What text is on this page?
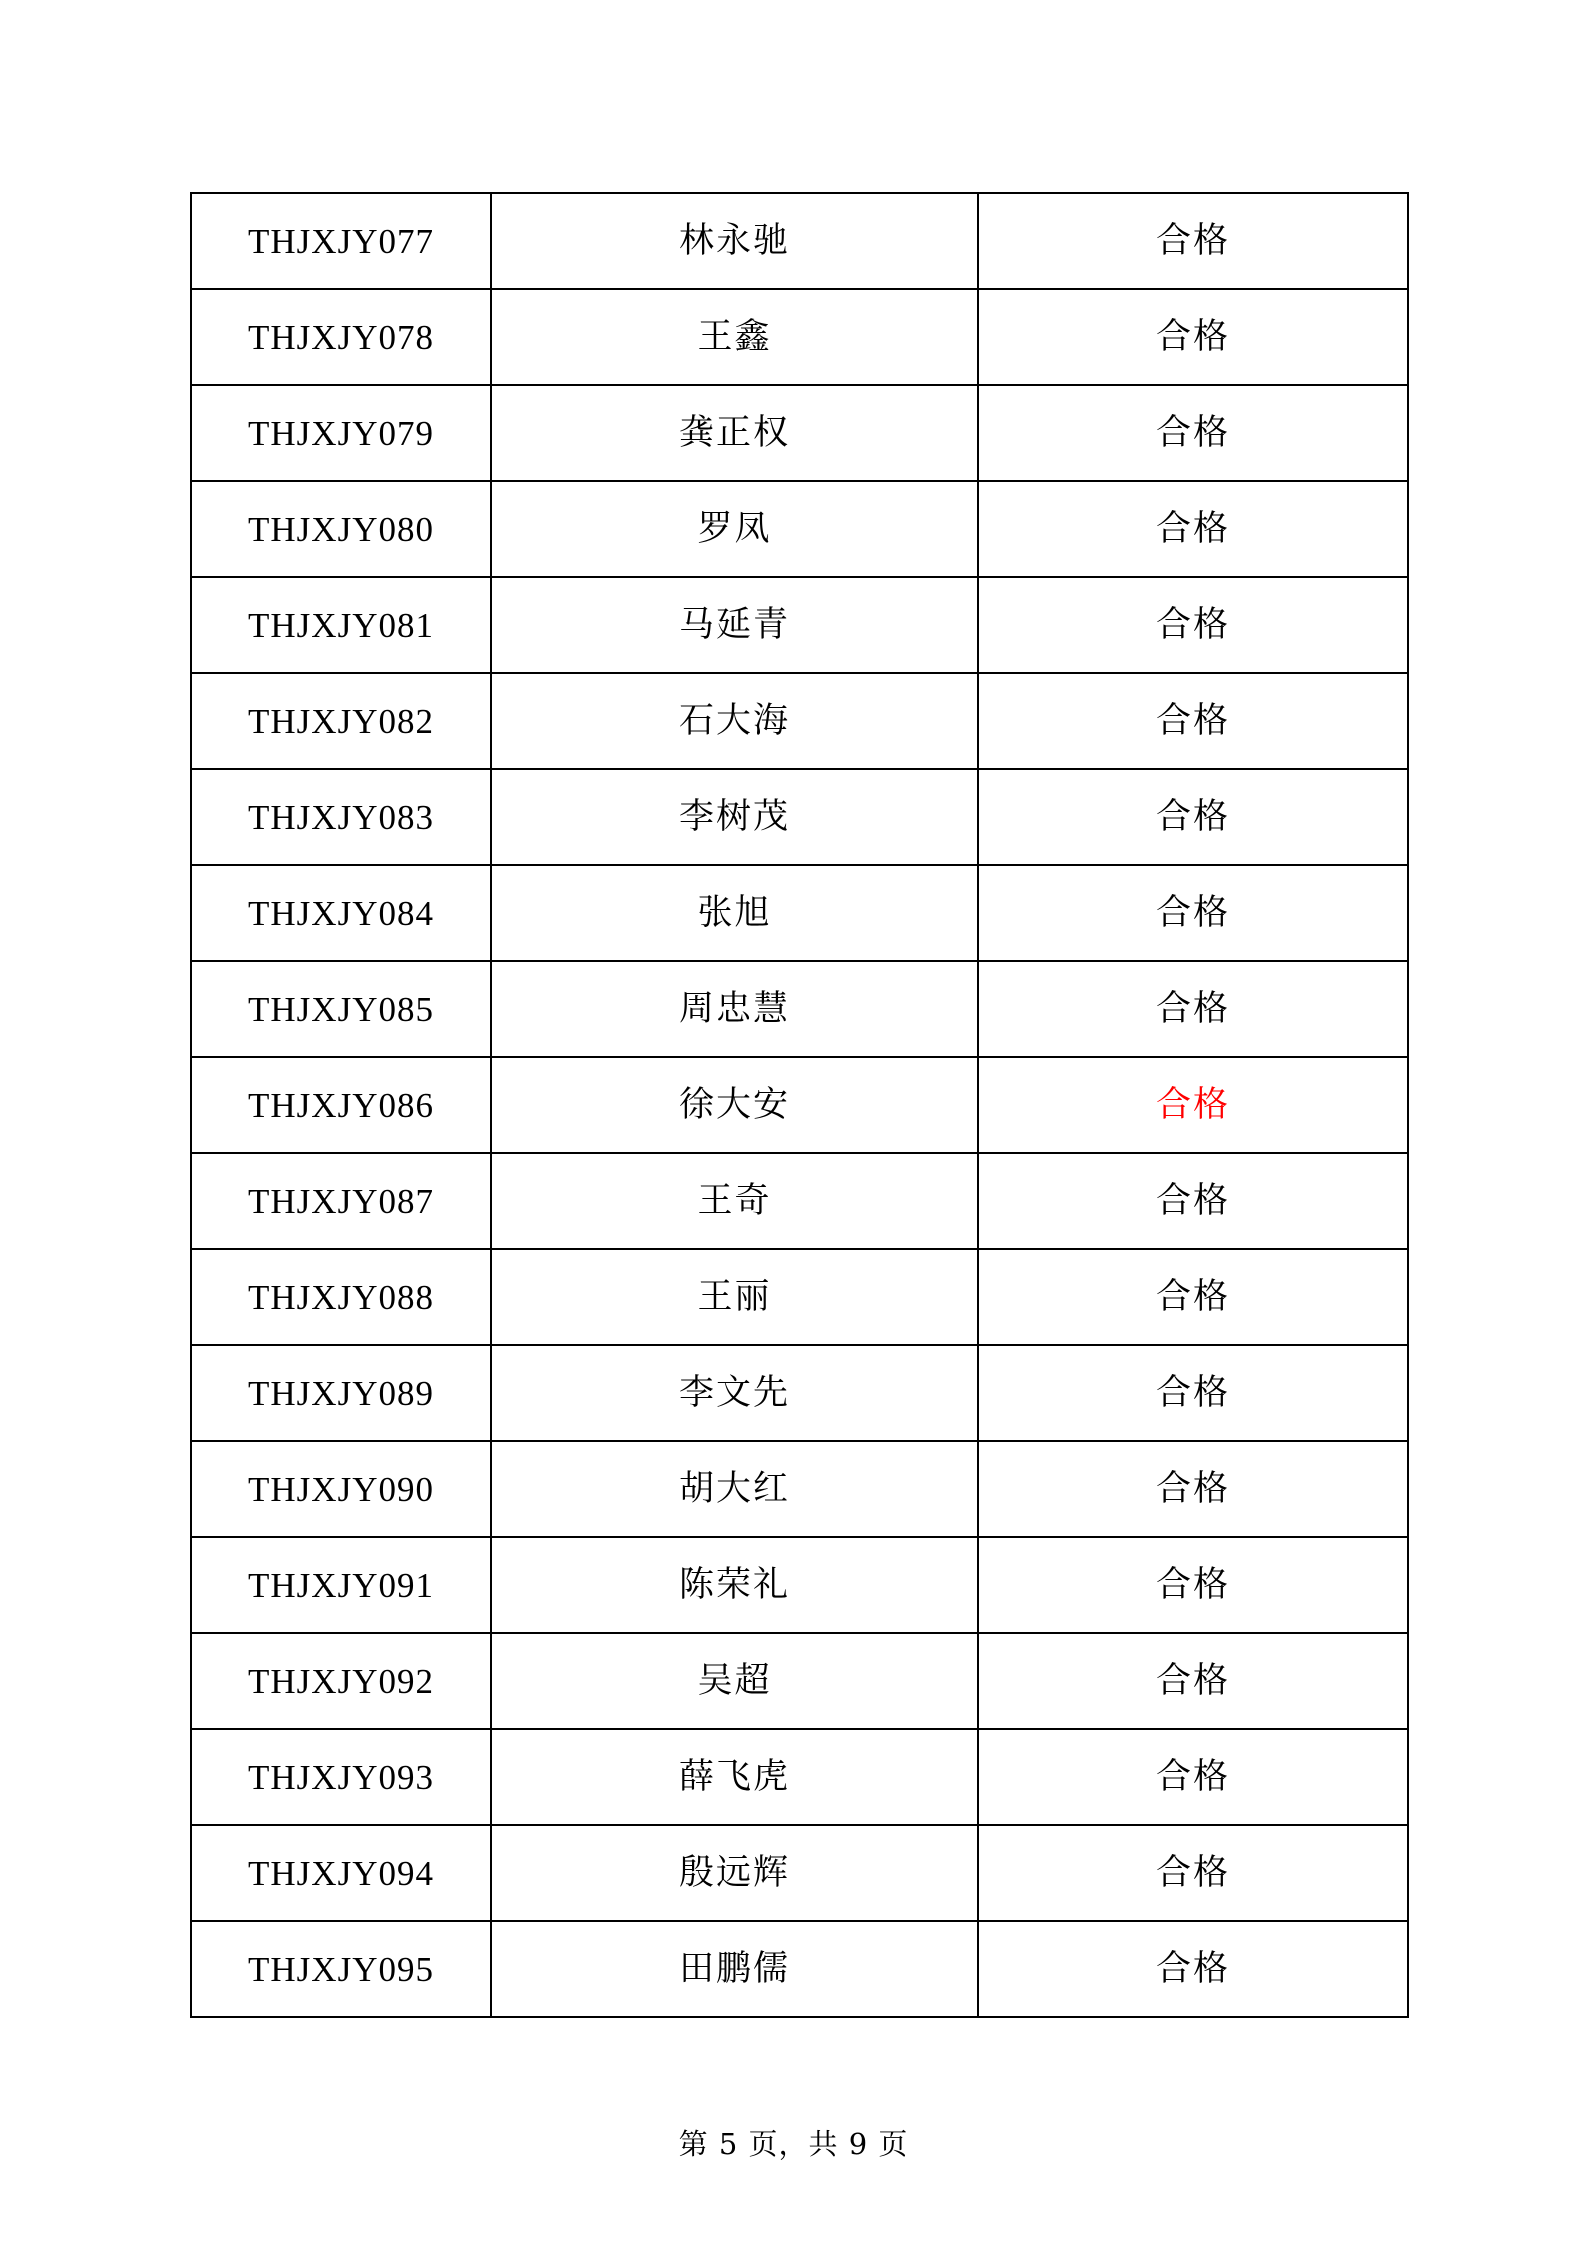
THJXJY077	林永驰	合格
THJXJY078	王鑫	合格
THJXJY079	龚正权	合格
THJXJY080	罗凤	合格
THJXJY081	马延青	合格
THJXJY082	石大海	合格
THJXJY083	李树茂	合格
THJXJY084	张旭	合格
THJXJY085	周忠慧	合格
THJXJY086	徐大安	合格
THJXJY087	王奇	合格
THJXJY088	王丽	合格
THJXJY089	李文先	合格
THJXJY090	胡大红	合格
THJXJY091	陈荣礼	合格
THJXJY092	吴超	合格
THJXJY093	薛飞虎	合格
THJXJY094	殷远辉	合格
THJXJY095	田鹏儒	合格
第 5 页，共 9 页
